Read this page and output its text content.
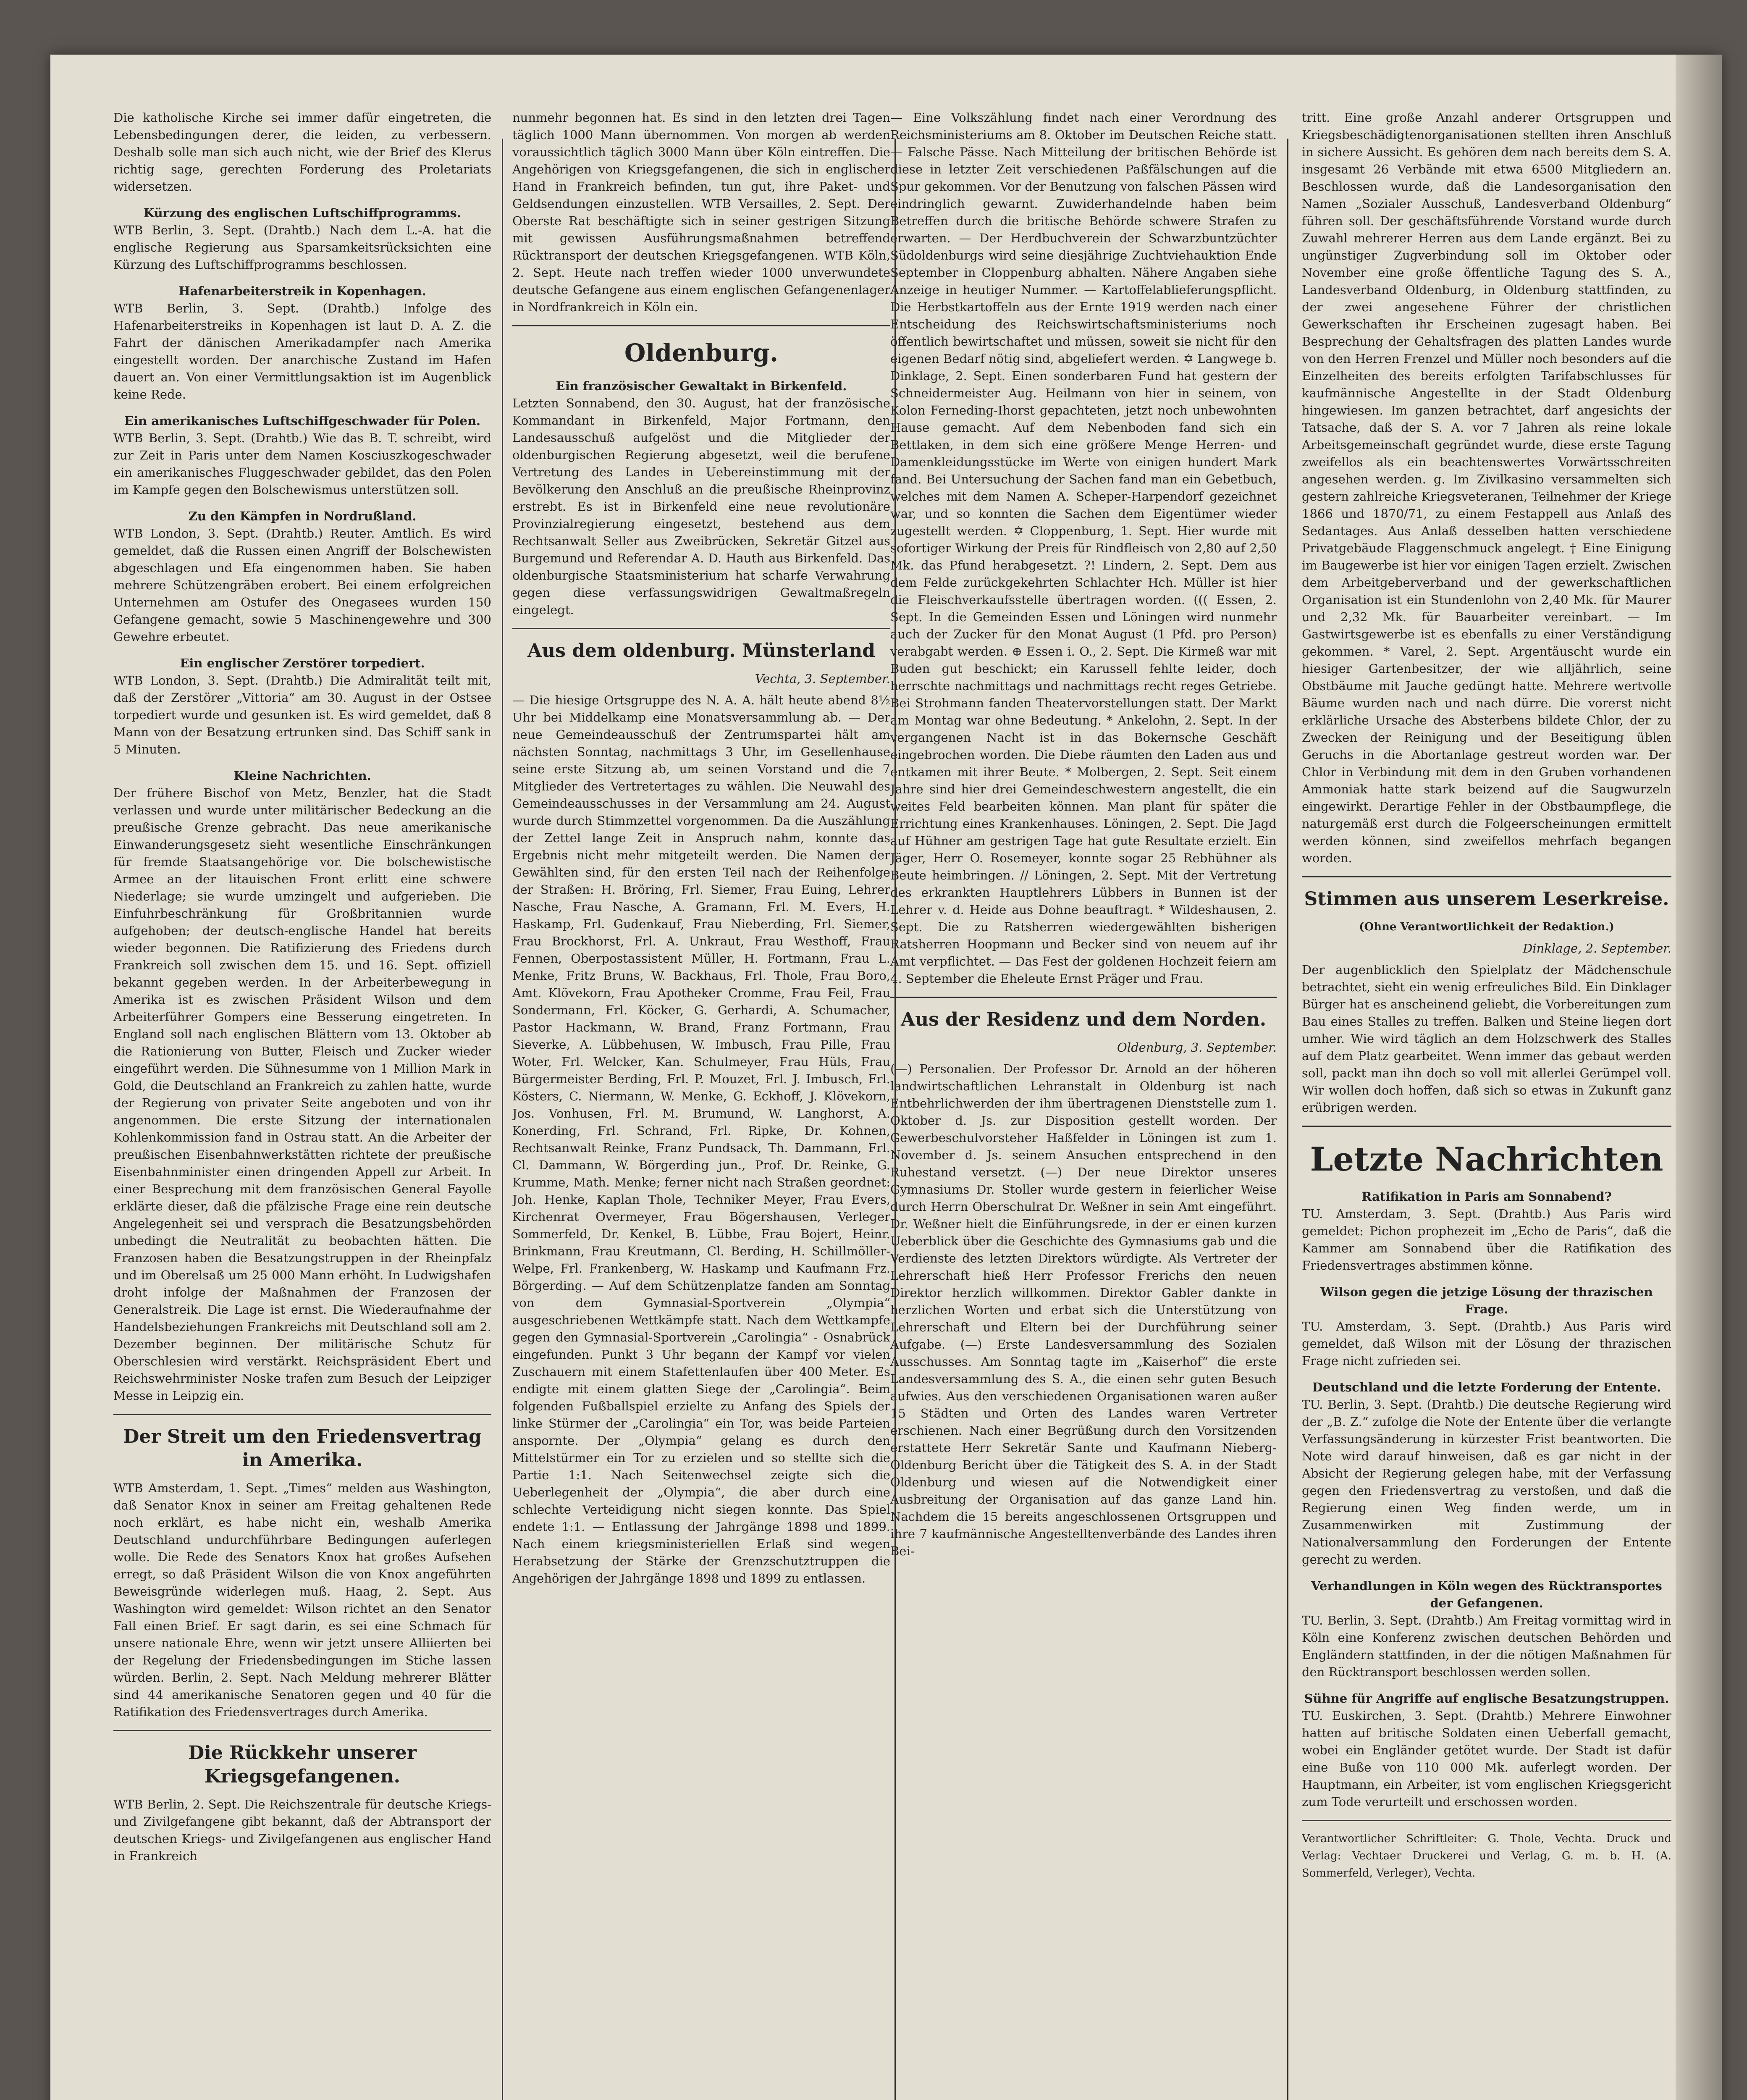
Die katholische Kirche sei immer dafür eingetreten, die Lebensbedingungen derer, die leiden, zu verbessern. Deshalb solle man sich auch nicht, wie der Brief des Klerus richtig sage, gerechten Forderung des Proletariats widersetzen.
Kürzung des englischen Luftschiffprogramms.
WTB Berlin, 3. Sept. (Drahtb.) Nach dem L.-A. hat die englische Regierung aus Sparsamkeitsrücksichten eine Kürzung des Luftschiffprogramms beschlossen.
Hafenarbeiterstreik in Kopenhagen.
WTB Berlin, 3. Sept. (Drahtb.) Infolge des Hafenarbeiterstreiks in Kopenhagen ist laut D. A. Z. die Fahrt der dänischen Amerikadampfer nach Amerika eingestellt worden. Der anarchische Zustand im Hafen dauert an. Von einer Vermittlungsaktion ist im Augenblick keine Rede.
Ein amerikanisches Luftschiffgeschwader für Polen.
WTB Berlin, 3. Sept. (Drahtb.) Wie das B. T. schreibt, wird zur Zeit in Paris unter dem Namen Kosciuszkogeschwader ein amerikanisches Fluggeschwader gebildet, das den Polen im Kampfe gegen den Bolschewismus unterstützen soll.
Zu den Kämpfen in Nordrußland.
WTB London, 3. Sept. (Drahtb.) Reuter. Amtlich. Es wird gemeldet, daß die Russen einen Angriff der Bolschewisten abgeschlagen und Efa eingenommen haben. Sie haben mehrere Schützengräben erobert. Bei einem erfolgreichen Unternehmen am Ostufer des Onegasees wurden 150 Gefangene gemacht, sowie 5 Maschinengewehre und 300 Gewehre erbeutet.
Ein englischer Zerstörer torpediert.
WTB London, 3. Sept. (Drahtb.) Die Admiralität teilt mit, daß der Zerstörer „Vittoria“ am 30. August in der Ostsee torpediert wurde und gesunken ist. Es wird gemeldet, daß 8 Mann von der Besatzung ertrunken sind. Das Schiff sank in 5 Minuten.
Kleine Nachrichten.
Der frühere Bischof von Metz, Benzler, hat die Stadt verlassen und wurde unter militärischer Bedeckung an die preußische Grenze gebracht. Das neue amerikanische Einwanderungsgesetz sieht wesentliche Einschränkungen für fremde Staatsangehörige vor. Die bolschewistische Armee an der litauischen Front erlitt eine schwere Niederlage; sie wurde umzingelt und aufgerieben. Die Einfuhrbeschränkung für Großbritannien wurde aufgehoben; der deutsch-englische Handel hat bereits wieder begonnen. Die Ratifizierung des Friedens durch Frankreich soll zwischen dem 15. und 16. Sept. offiziell bekannt gegeben werden. In der Arbeiterbewegung in Amerika ist es zwischen Präsident Wilson und dem Arbeiterführer Gompers eine Besserung eingetreten. In England soll nach englischen Blättern vom 13. Oktober ab die Rationierung von Butter, Fleisch und Zucker wieder eingeführt werden. Die Sühnesumme von 1 Million Mark in Gold, die Deutschland an Frankreich zu zahlen hatte, wurde der Regierung von privater Seite angeboten und von ihr angenommen. Die erste Sitzung der internationalen Kohlenkommission fand in Ostrau statt. An die Arbeiter der preußischen Eisenbahnwerkstätten richtete der preußische Eisenbahnminister einen dringenden Appell zur Arbeit. In einer Besprechung mit dem französischen General Fayolle erklärte dieser, daß die pfälzische Frage eine rein deutsche Angelegenheit sei und versprach die Besatzungsbehörden unbedingt die Neutralität zu beobachten hätten. Die Franzosen haben die Besatzungstruppen in der Rheinpfalz und im Oberelsaß um 25 000 Mann erhöht. In Ludwigshafen droht infolge der Maßnahmen der Franzosen der Generalstreik. Die Lage ist ernst. Die Wiederaufnahme der Handelsbeziehungen Frankreichs mit Deutschland soll am 2. Dezember beginnen. Der militärische Schutz für Oberschlesien wird verstärkt. Reichspräsident Ebert und Reichswehrminister Noske trafen zum Besuch der Leipziger Messe in Leipzig ein.
Der Streit um den Friedensvertrag in Amerika.
WTB Amsterdam, 1. Sept. „Times“ melden aus Washington, daß Senator Knox in seiner am Freitag gehaltenen Rede noch erklärt, es habe nicht ein, weshalb Amerika Deutschland undurchführbare Bedingungen auferlegen wolle. Die Rede des Senators Knox hat großes Aufsehen erregt, so daß Präsident Wilson die von Knox angeführten Beweisgründe widerlegen muß. Haag, 2. Sept. Aus Washington wird gemeldet: Wilson richtet an den Senator Fall einen Brief. Er sagt darin, es sei eine Schmach für unsere nationale Ehre, wenn wir jetzt unsere Alliierten bei der Regelung der Friedensbedingungen im Stiche lassen würden. Berlin, 2. Sept. Nach Meldung mehrerer Blätter sind 44 amerikanische Senatoren gegen und 40 für die Ratifikation des Friedensvertrages durch Amerika.
Die Rückkehr unserer Kriegsgefangenen.
WTB Berlin, 2. Sept. Die Reichszentrale für deutsche Kriegs- und Zivilgefangene gibt bekannt, daß der Abtransport der deutschen Kriegs- und Zivilgefangenen aus englischer Hand in Frankreich
nunmehr begonnen hat. Es sind in den letzten drei Tagen täglich 1000 Mann übernommen. Von morgen ab werden voraussichtlich täglich 3000 Mann über Köln eintreffen. Die Angehörigen von Kriegsgefangenen, die sich in englischer Hand in Frankreich befinden, tun gut, ihre Paket- und Geldsendungen einzustellen. WTB Versailles, 2. Sept. Der Oberste Rat beschäftigte sich in seiner gestrigen Sitzung mit gewissen Ausführungsmaßnahmen betreffend Rücktransport der deutschen Kriegsgefangenen. WTB Köln, 2. Sept. Heute nach treffen wieder 1000 unverwundete deutsche Gefangene aus einem englischen Gefangenenlager in Nordfrankreich in Köln ein.
Oldenburg.
Ein französischer Gewaltakt in Birkenfeld.
Letzten Sonnabend, den 30. August, hat der französische Kommandant in Birkenfeld, Major Fortmann, den Landesausschuß aufgelöst und die Mitglieder der oldenburgischen Regierung abgesetzt, weil die berufene Vertretung des Landes in Uebereinstimmung mit der Bevölkerung den Anschluß an die preußische Rheinprovinz erstrebt. Es ist in Birkenfeld eine neue revolutionäre Provinzialregierung eingesetzt, bestehend aus dem Rechtsanwalt Seller aus Zweibrücken, Sekretär Gitzel aus Burgemund und Referendar A. D. Hauth aus Birkenfeld. Das oldenburgische Staatsministerium hat scharfe Verwahrung gegen diese verfassungswidrigen Gewaltmaßregeln eingelegt.
Aus dem oldenburg. Münsterland
Vechta, 3. September.
— Die hiesige Ortsgruppe des N. A. A. hält heute abend 8½ Uhr bei Middelkamp eine Monatsversammlung ab. — Der neue Gemeindeausschuß der Zentrumspartei hält am nächsten Sonntag, nachmittags 3 Uhr, im Gesellenhause seine erste Sitzung ab, um seinen Vorstand und die 7 Mitglieder des Vertretertages zu wählen. Die Neuwahl des Gemeindeausschusses in der Versammlung am 24. August wurde durch Stimmzettel vorgenommen. Da die Auszählung der Zettel lange Zeit in Anspruch nahm, konnte das Ergebnis nicht mehr mitgeteilt werden. Die Namen der Gewählten sind, für den ersten Teil nach der Reihenfolge der Straßen: H. Bröring, Frl. Siemer, Frau Euing, Lehrer Nasche, Frau Nasche, A. Gramann, Frl. M. Evers, H. Haskamp, Frl. Gudenkauf, Frau Nieberding, Frl. Siemer, Frau Brockhorst, Frl. A. Unkraut, Frau Westhoff, Frau Fennen, Oberpostassistent Müller, H. Fortmann, Frau L. Menke, Fritz Bruns, W. Backhaus, Frl. Thole, Frau Boro, Amt. Klövekorn, Frau Apotheker Cromme, Frau Feil, Frau Sondermann, Frl. Köcker, G. Gerhardi, A. Schumacher, Pastor Hackmann, W. Brand, Franz Fortmann, Frau Sieverke, A. Lübbehusen, W. Imbusch, Frau Pille, Frau Woter, Frl. Welcker, Kan. Schulmeyer, Frau Hüls, Frau Bürgermeister Berding, Frl. P. Mouzet, Frl. J. Imbusch, Frl. Kösters, C. Niermann, W. Menke, G. Eckhoff, J. Klövekorn, Jos. Vonhusen, Frl. M. Brumund, W. Langhorst, A. Konerding, Frl. Schrand, Frl. Ripke, Dr. Kohnen, Rechtsanwalt Reinke, Franz Pundsack, Th. Dammann, Frl. Cl. Dammann, W. Börgerding jun., Prof. Dr. Reinke, G. Krumme, Math. Menke; ferner nicht nach Straßen geordnet: Joh. Henke, Kaplan Thole, Techniker Meyer, Frau Evers, Kirchenrat Overmeyer, Frau Bögershausen, Verleger Sommerfeld, Dr. Kenkel, B. Lübbe, Frau Bojert, Heinr. Brinkmann, Frau Kreutmann, Cl. Berding, H. Schillmöller-Welpe, Frl. Frankenberg, W. Haskamp und Kaufmann Frz. Börgerding. — Auf dem Schützenplatze fanden am Sonntag von dem Gymnasial-Sportverein „Olympia“ ausgeschriebenen Wettkämpfe statt. Nach dem Wettkampfe gegen den Gymnasial-Sportverein „Carolingia“ - Osnabrück eingefunden. Punkt 3 Uhr begann der Kampf vor vielen Zuschauern mit einem Stafettenlaufen über 400 Meter. Es endigte mit einem glatten Siege der „Carolingia“. Beim folgenden Fußballspiel erzielte zu Anfang des Spiels der linke Stürmer der „Carolingia“ ein Tor, was beide Parteien anspornte. Der „Olympia“ gelang es durch den Mittelstürmer ein Tor zu erzielen und so stellte sich die Partie 1:1. Nach Seitenwechsel zeigte sich die Ueberlegenheit der „Olympia“, die aber durch eine schlechte Verteidigung nicht siegen konnte. Das Spiel endete 1:1. — Entlassung der Jahrgänge 1898 und 1899. Nach einem kriegsministeriellen Erlaß sind wegen Herabsetzung der Stärke der Grenzschutztruppen die Angehörigen der Jahrgänge 1898 und 1899 zu entlassen.
— Eine Volkszählung findet nach einer Verordnung des Reichsministeriums am 8. Oktober im Deutschen Reiche statt. — Falsche Pässe. Nach Mitteilung der britischen Behörde ist diese in letzter Zeit verschiedenen Paßfälschungen auf die Spur gekommen. Vor der Benutzung von falschen Pässen wird eindringlich gewarnt. Zuwiderhandelnde haben beim Betreffen durch die britische Behörde schwere Strafen zu erwarten. — Der Herdbuchverein der Schwarzbuntzüchter Südoldenburgs wird seine diesjährige Zuchtviehauktion Ende September in Cloppenburg abhalten. Nähere Angaben siehe Anzeige in heutiger Nummer. — Kartoffelablieferungspflicht. Die Herbstkartoffeln aus der Ernte 1919 werden nach einer Entscheidung des Reichswirtschaftsministeriums noch öffentlich bewirtschaftet und müssen, soweit sie nicht für den eigenen Bedarf nötig sind, abgeliefert werden. ✡ Langwege b. Dinklage, 2. Sept. Einen sonderbaren Fund hat gestern der Schneidermeister Aug. Heilmann von hier in seinem, von Kolon Ferneding-Ihorst gepachteten, jetzt noch unbewohnten Hause gemacht. Auf dem Nebenboden fand sich ein Bettlaken, in dem sich eine größere Menge Herren- und Damenkleidungsstücke im Werte von einigen hundert Mark fand. Bei Untersuchung der Sachen fand man ein Gebetbuch, welches mit dem Namen A. Scheper-Harpendorf gezeichnet war, und so konnten die Sachen dem Eigentümer wieder zugestellt werden. ✡ Cloppenburg, 1. Sept. Hier wurde mit sofortiger Wirkung der Preis für Rindfleisch von 2,80 auf 2,50 Mk. das Pfund herabgesetzt. ?! Lindern, 2. Sept. Dem aus dem Felde zurückgekehrten Schlachter Hch. Müller ist hier die Fleischverkaufsstelle übertragen worden. ((( Essen, 2. Sept. In die Gemeinden Essen und Löningen wird nunmehr auch der Zucker für den Monat August (1 Pfd. pro Person) verabgabt werden. ⊕ Essen i. O., 2. Sept. Die Kirmeß war mit Buden gut beschickt; ein Karussell fehlte leider, doch herrschte nachmittags und nachmittags recht reges Getriebe. Bei Strohmann fanden Theatervorstellungen statt. Der Markt am Montag war ohne Bedeutung. * Ankelohn, 2. Sept. In der vergangenen Nacht ist in das Bokernsche Geschäft eingebrochen worden. Die Diebe räumten den Laden aus und entkamen mit ihrer Beute. * Molbergen, 2. Sept. Seit einem Jahre sind hier drei Gemeindeschwestern angestellt, die ein weites Feld bearbeiten können. Man plant für später die Errichtung eines Krankenhauses. Löningen, 2. Sept. Die Jagd auf Hühner am gestrigen Tage hat gute Resultate erzielt. Ein Jäger, Herr O. Rosemeyer, konnte sogar 25 Rebhühner als Beute heimbringen. // Löningen, 2. Sept. Mit der Vertretung des erkrankten Hauptlehrers Lübbers in Bunnen ist der Lehrer v. d. Heide aus Dohne beauftragt. * Wildeshausen, 2. Sept. Die zu Ratsherren wiedergewählten bisherigen Ratsherren Hoopmann und Becker sind von neuem auf ihr Amt verpflichtet. — Das Fest der goldenen Hochzeit feiern am 4. September die Eheleute Ernst Präger und Frau.
Aus der Residenz und dem Norden.
Oldenburg, 3. September.
(—) Personalien. Der Professor Dr. Arnold an der höheren landwirtschaftlichen Lehranstalt in Oldenburg ist nach Entbehrlichwerden der ihm übertragenen Dienststelle zum 1. Oktober d. Js. zur Disposition gestellt worden. Der Gewerbeschulvorsteher Haßfelder in Löningen ist zum 1. November d. Js. seinem Ansuchen entsprechend in den Ruhestand versetzt. (—) Der neue Direktor unseres Gymnasiums Dr. Stoller wurde gestern in feierlicher Weise durch Herrn Oberschulrat Dr. Weßner in sein Amt eingeführt. Dr. Weßner hielt die Einführungsrede, in der er einen kurzen Ueberblick über die Geschichte des Gymnasiums gab und die Verdienste des letzten Direktors würdigte. Als Vertreter der Lehrerschaft hieß Herr Professor Frerichs den neuen Direktor herzlich willkommen. Direktor Gabler dankte in herzlichen Worten und erbat sich die Unterstützung von Lehrerschaft und Eltern bei der Durchführung seiner Aufgabe. (—) Erste Landesversammlung des Sozialen Ausschusses. Am Sonntag tagte im „Kaiserhof“ die erste Landesversammlung des S. A., die einen sehr guten Besuch aufwies. Aus den verschiedenen Organisationen waren außer 15 Städten und Orten des Landes waren Vertreter erschienen. Nach einer Begrüßung durch den Vorsitzenden erstattete Herr Sekretär Sante und Kaufmann Nieberg-Oldenburg Bericht über die Tätigkeit des S. A. in der Stadt Oldenburg und wiesen auf die Notwendigkeit einer Ausbreitung der Organisation auf das ganze Land hin. Nachdem die 15 bereits angeschlossenen Ortsgruppen und ihre 7 kaufmännische Angestelltenverbände des Landes ihren Bei-
tritt. Eine große Anzahl anderer Ortsgruppen und Kriegsbeschädigtenorganisationen stellten ihren Anschluß in sichere Aussicht. Es gehören dem nach bereits dem S. A. insgesamt 26 Verbände mit etwa 6500 Mitgliedern an. Beschlossen wurde, daß die Landesorganisation den Namen „Sozialer Ausschuß, Landesverband Oldenburg“ führen soll. Der geschäftsführende Vorstand wurde durch Zuwahl mehrerer Herren aus dem Lande ergänzt. Bei zu ungünstiger Zugverbindung soll im Oktober oder November eine große öffentliche Tagung des S. A., Landesverband Oldenburg, in Oldenburg stattfinden, zu der zwei angesehene Führer der christlichen Gewerkschaften ihr Erscheinen zugesagt haben. Bei Besprechung der Gehaltsfragen des platten Landes wurde von den Herren Frenzel und Müller noch besonders auf die Einzelheiten des bereits erfolgten Tarifabschlusses für kaufmännische Angestellte in der Stadt Oldenburg hingewiesen. Im ganzen betrachtet, darf angesichts der Tatsache, daß der S. A. vor 7 Jahren als reine lokale Arbeitsgemeinschaft gegründet wurde, diese erste Tagung zweifellos als ein beachtenswertes Vorwärtsschreiten angesehen werden. g. Im Zivilkasino versammelten sich gestern zahlreiche Kriegsveteranen, Teilnehmer der Kriege 1866 und 1870/71, zu einem Festappell aus Anlaß des Sedantages. Aus Anlaß desselben hatten verschiedene Privatgebäude Flaggenschmuck angelegt. † Eine Einigung im Baugewerbe ist hier vor einigen Tagen erzielt. Zwischen dem Arbeitgeberverband und der gewerkschaftlichen Organisation ist ein Stundenlohn von 2,40 Mk. für Maurer und 2,32 Mk. für Bauarbeiter vereinbart. — Im Gastwirtsgewerbe ist es ebenfalls zu einer Verständigung gekommen. * Varel, 2. Sept. Argentäuscht wurde ein hiesiger Gartenbesitzer, der wie alljährlich, seine Obstbäume mit Jauche gedüngt hatte. Mehrere wertvolle Bäume wurden nach und nach dürre. Die vorerst nicht erklärliche Ursache des Absterbens bildete Chlor, der zu Zwecken der Reinigung und der Beseitigung üblen Geruchs in die Abortanlage gestreut worden war. Der Chlor in Verbindung mit dem in den Gruben vorhandenen Ammoniak hatte stark beizend auf die Saugwurzeln eingewirkt. Derartige Fehler in der Obstbaumpflege, die naturgemäß erst durch die Folgeerscheinungen ermittelt werden können, sind zweifellos mehrfach begangen worden.
Stimmen aus unserem Leserkreise.
(Ohne Verantwortlichkeit der Redaktion.)
Dinklage, 2. September.
Der augenblicklich den Spielplatz der Mädchenschule betrachtet, sieht ein wenig erfreuliches Bild. Ein Dinklager Bürger hat es anscheinend geliebt, die Vorbereitungen zum Bau eines Stalles zu treffen. Balken und Steine liegen dort umher. Wie wird täglich an dem Holzschwerk des Stalles auf dem Platz gearbeitet. Wenn immer das gebaut werden soll, packt man ihn doch so voll mit allerlei Gerümpel voll. Wir wollen doch hoffen, daß sich so etwas in Zukunft ganz erübrigen werden.
Letzte Nachrichten
Ratifikation in Paris am Sonnabend?
TU. Amsterdam, 3. Sept. (Drahtb.) Aus Paris wird gemeldet: Pichon prophezeit im „Echo de Paris“, daß die Kammer am Sonnabend über die Ratifikation des Friedensvertrages abstimmen könne.
Wilson gegen die jetzige Lösung der thrazischen Frage.
TU. Amsterdam, 3. Sept. (Drahtb.) Aus Paris wird gemeldet, daß Wilson mit der Lösung der thrazischen Frage nicht zufrieden sei.
Deutschland und die letzte Forderung der Entente.
TU. Berlin, 3. Sept. (Drahtb.) Die deutsche Regierung wird der „B. Z.“ zufolge die Note der Entente über die verlangte Verfassungsänderung in kürzester Frist beantworten. Die Note wird darauf hinweisen, daß es gar nicht in der Absicht der Regierung gelegen habe, mit der Verfassung gegen den Friedensvertrag zu verstoßen, und daß die Regierung einen Weg finden werde, um in Zusammenwirken mit Zustimmung der Nationalversammlung den Forderungen der Entente gerecht zu werden.
Verhandlungen in Köln wegen des Rücktransportes der Gefangenen.
TU. Berlin, 3. Sept. (Drahtb.) Am Freitag vormittag wird in Köln eine Konferenz zwischen deutschen Behörden und Engländern stattfinden, in der die nötigen Maßnahmen für den Rücktransport beschlossen werden sollen.
Sühne für Angriffe auf englische Besatzungstruppen.
TU. Euskirchen, 3. Sept. (Drahtb.) Mehrere Einwohner hatten auf britische Soldaten einen Ueberfall gemacht, wobei ein Engländer getötet wurde. Der Stadt ist dafür eine Buße von 110 000 Mk. auferlegt worden. Der Hauptmann, ein Arbeiter, ist vom englischen Kriegsgericht zum Tode verurteilt und erschossen worden.
Verantwortlicher Schriftleiter: G. Thole, Vechta. Druck und Verlag: Vechtaer Druckerei und Verlag, G. m. b. H. (A. Sommerfeld, Verleger), Vechta.
